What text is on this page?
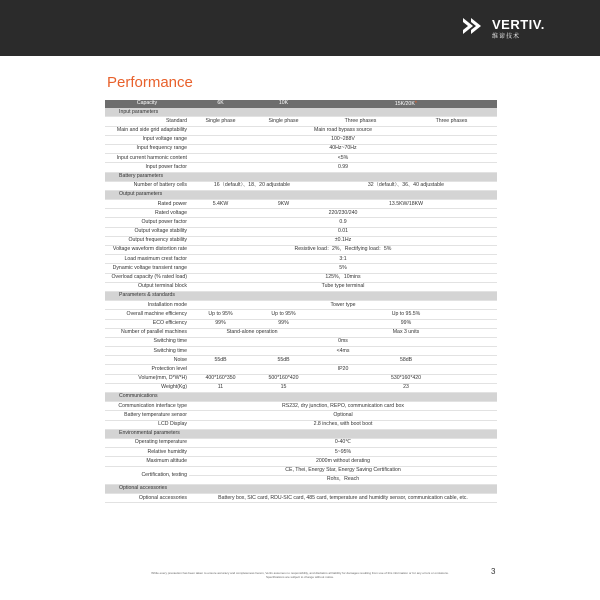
VERTIV.
维谛技术
Performance
Capacity	6K	10K	15K/20K*	
Input parameters				
Standard	Single phase	Single phase	Three phases	Three phases
Main and side grid adaptability	Main road bypass source			
Input voltage range	100~288V			
Input frequency range	40Hz~70Hz			
Input current harmonic content	<5%			
Input power factor	0.99			
Battery parameters				
Number of battery cells	16（default）、18、20 adjustable		32（default）、36、40 adjustable	
Output parameters				
Rated power	5.4KW	9KW	13.5KW/18KW	
Rated voltage	220/230/240			
Output power factor	0.9			
Output voltage stability	0.01			
Output frequency stability	±0.1Hz			
Voltage waveform distortion rate	Resistive load：2%，Rectifying load：5%			
Load maximum crest factor	3:1			
Dynamic voltage transient range	5%			
Overload capacity (% rated load)	125%，10mins			
Output terminal block	Tube type terminal			
Parameters & standards				
Installation mode	Tower type			
Overall machine efficiency	Up to 95%	Up to 95%	Up to 95.5%	
ECO efficiency	99%	99%	99%	
Number of parallel machines	Stand-alone operation		Max 3 units	
Switching time	0ms			
Switching time	<4ms			
Noise	55dB	55dB	58dB	
Protection level	IP20			
Volume(mm, D*W*H)	400*160*350	500*160*420	530*160*420	
Weight(Kg)	11	15	23	
Communications				
Communication interface type	RS232, dry junction, REPO, communication card box			
Battery temperature sensor	Optional			
LCD Display	2.8 inches, with boot boot			
Environmental parameters				
Operating temperature	0-40℃			
Relative humidity	5~95%			
Maximum altitude	2000m without derating			
Certification, testing	CE, Thei, Energy Star, Energy Saving Certification			
	Rohs，Reach			
Optional accessories				
Optional accessories	Battery box, SIC card, RDU-SIC card, 485 card, temperature and humidity sensor, communication cable, etc.			
3
While every precaution has been taken to ensure accuracy and completeness herein, Vertiv assumes no responsibility, and disclaims all liability for damages resulting from use of this information or for any errors or omissions.
Specifications are subject to change without notice.
